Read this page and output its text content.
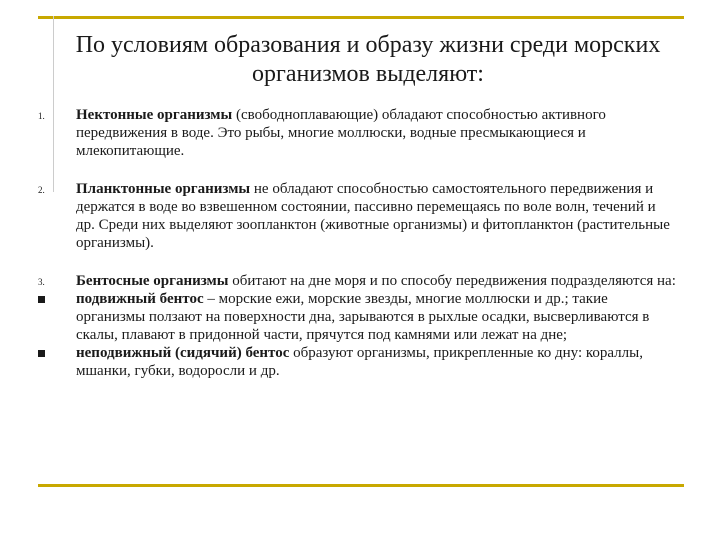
По условиям образования и образу жизни среди морских организмов выделяют:
1. Нектонные организмы (свободноплавающие) обладают способностью активного передвижения в воде. Это рыбы, многие моллюски, водные пресмыкающиеся и млекопитающие.
2. Планктонные организмы не обладают способностью самостоятельного передвижения и держатся в воде во взвешенном состоянии, пассивно перемещаясь по воле волн, течений и др. Среди них выделяют зоопланктон (животные организмы) и фитопланктон (растительные организмы).
3. Бентосные организмы обитают на дне моря и по способу передвижения подразделяются на:
подвижный бентос – морские ежи, морские звезды, многие моллюски и др.; такие организмы ползают на поверхности дна, зарываются в рыхлые осадки, высверливаются в скалы, плавают в придонной части, прячутся под камнями или лежат на дне;
неподвижный (сидячий) бентос образуют организмы, прикрепленные ко дну: кораллы, мшанки, губки, водоросли и др.
